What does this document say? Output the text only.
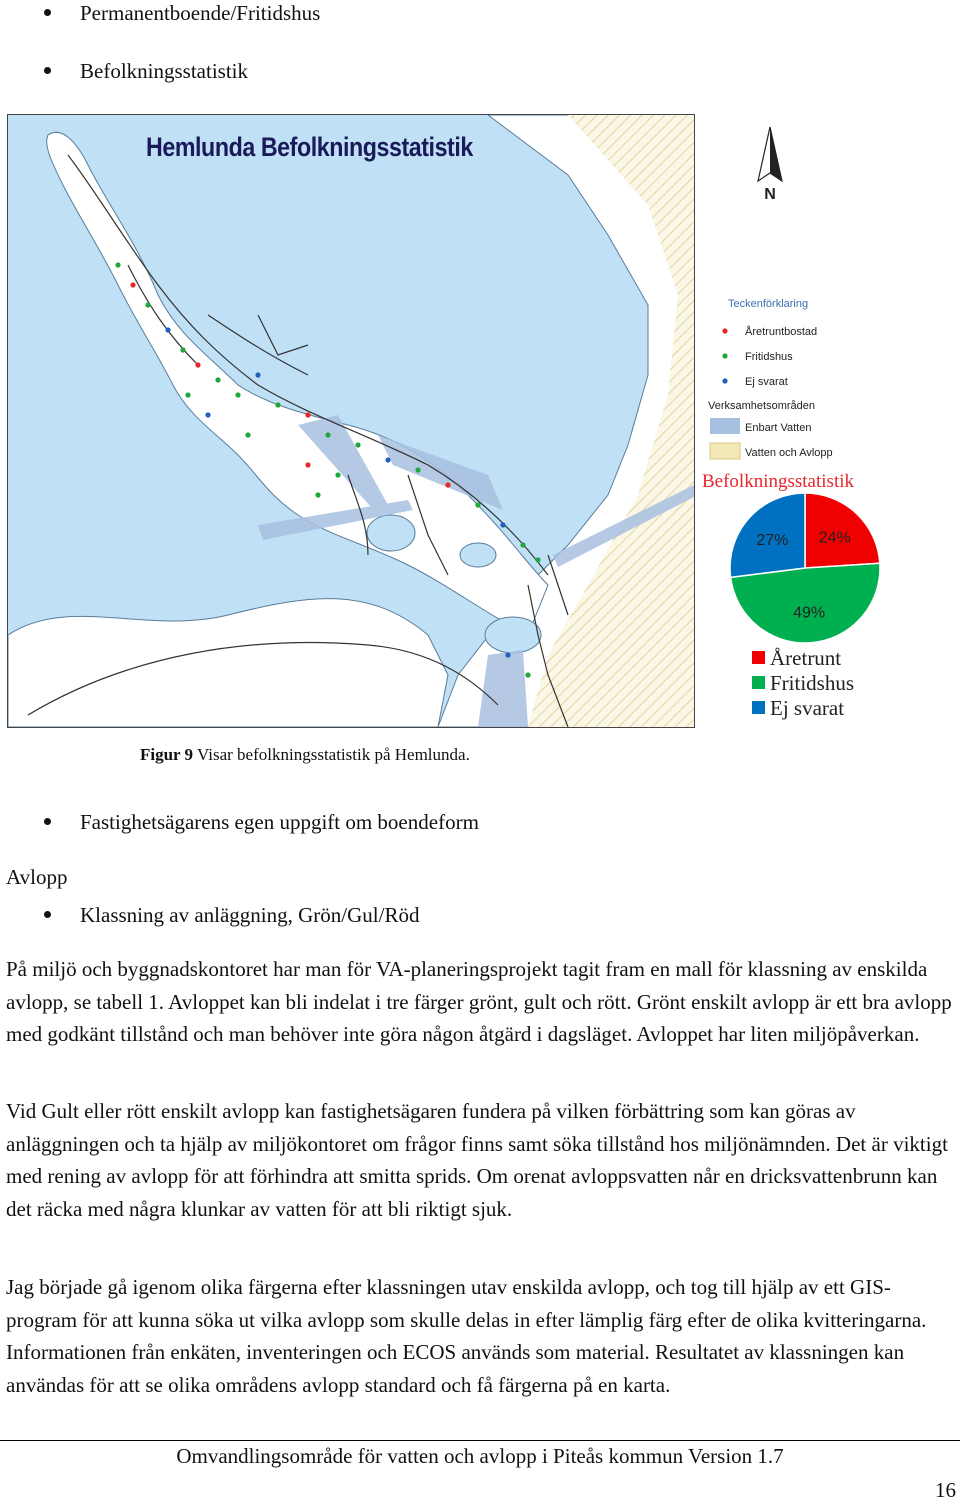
Permanentboende/Fritidshus
Befolkningsstatistik
Hemlunda Befolkningsstatistik
N
Teckenförklaring
Åretruntbostad
Fritidshus
Ej svarat
Verksamhetsområden
Enbart Vatten
Vatten och Avlopp
Befolkningsstatistik
24%
49%
27%
Åretrunt
Fritidshus
Ej svarat
Figur 9 Visar befolkningsstatistik på Hemlunda.
Fastighetsägarens egen uppgift om boendeform
Avlopp
Klassning av anläggning, Grön/Gul/Röd

På miljö och byggnadskontoret har man för VA-planeringsprojekt tagit fram en mall för klassning av enskilda avlopp, se tabell 1. Avloppet kan bli indelat i tre färger grönt, gult och rött. Grönt enskilt avlopp är ett bra avlopp med godkänt tillstånd och man behöver inte göra någon åtgärd i dagsläget. Avloppet har liten miljöpåverkan.

Vid Gult eller rött enskilt avlopp kan fastighetsägaren fundera på vilken förbättring som kan göras av anläggningen och ta hjälp av miljökontoret om frågor finns samt söka tillstånd hos miljönämnden. Det är viktigt med rening av avlopp för att förhindra att smitta sprids. Om orenat avloppsvatten når en dricksvattenbrunn kan det räcka med några klunkar av vatten för att bli riktigt sjuk.

Jag började gå igenom olika färgerna efter klassningen utav enskilda avlopp, och tog till hjälp av ett GIS-program för att kunna söka ut vilka avlopp som skulle delas in efter lämplig färg efter de olika kvitteringarna. Informationen från enkäten, inventeringen och ECOS används som material. Resultatet av klassningen kan användas för att se olika områdens avlopp standard och få färgerna på en karta.

Omvandlingsområde för vatten och avlopp i Piteås kommun Version 1.7
16
